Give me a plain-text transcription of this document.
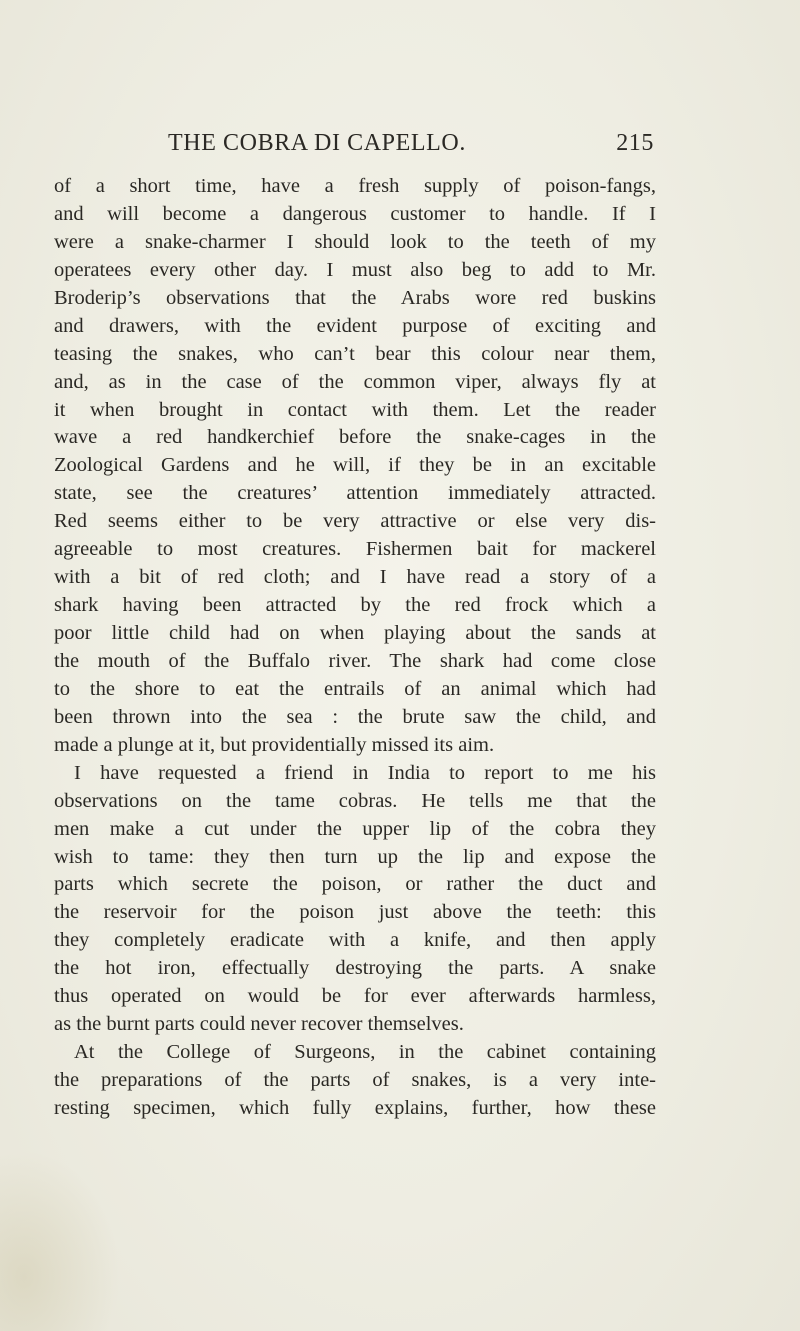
THE COBRA DI CAPELLO.	215
of a short time, have a fresh supply of poison-fangs,
and will become a dangerous customer to handle. If I
were a snake-charmer I should look to the teeth of my
operatees every other day. I must also beg to add to Mr.
Broderip’s observations that the Arabs wore red buskins
and drawers, with the evident purpose of exciting and
teasing the snakes, who can’t bear this colour near them,
and, as in the case of the common viper, always fly at
it when brought in contact with them. Let the reader
wave a red handkerchief before the snake-cages in the
Zoological Gardens and he will, if they be in an excitable
state, see the creatures’ attention immediately attracted.
Red seems either to be very attractive or else very dis-
agreeable to most creatures. Fishermen bait for mackerel
with a bit of red cloth; and I have read a story of a
shark having been attracted by the red frock which a
poor little child had on when playing about the sands at
the mouth of the Buffalo river. The shark had come close
to the shore to eat the entrails of an animal which had
been thrown into the sea : the brute saw the child, and
made a plunge at it, but providentially missed its aim.
I have requested a friend in India to report to me his
observations on the tame cobras. He tells me that the
men make a cut under the upper lip of the cobra they
wish to tame: they then turn up the lip and expose the
parts which secrete the poison, or rather the duct and
the reservoir for the poison just above the teeth: this
they completely eradicate with a knife, and then apply
the hot iron, effectually destroying the parts. A snake
thus operated on would be for ever afterwards harmless,
as the burnt parts could never recover themselves.
At the College of Surgeons, in the cabinet containing
the preparations of the parts of snakes, is a very inte-
resting specimen, which fully explains, further, how these
